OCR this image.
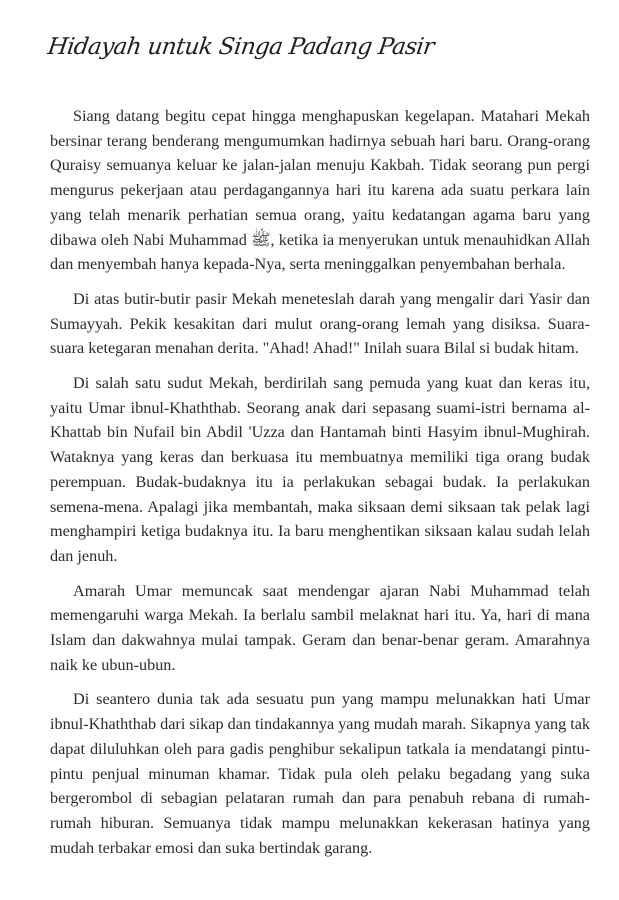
Hidayah untuk Singa Padang Pasir

Siang datang begitu cepat hingga menghapuskan kegelapan. Matahari Mekah bersinar terang benderang mengumumkan hadirnya sebuah hari baru. Orang-orang Quraisy semuanya keluar ke jalan-jalan menuju Kakbah. Tidak seorang pun pergi mengurus pekerjaan atau perdagangannya hari itu karena ada suatu perkara lain yang telah menarik perhatian semua orang, yaitu kedatangan agama baru yang dibawa oleh Nabi Muhammad ﷺ, ketika ia menyerukan untuk menauhidkan Allah dan menyembah hanya kepada-Nya, serta meninggalkan penyembahan berhala.

Di atas butir-butir pasir Mekah meneteslah darah yang mengalir dari Yasir dan Sumayyah. Pekik kesakitan dari mulut orang-orang lemah yang disiksa. Suara-suara ketegaran menahan derita. "Ahad! Ahad!" Inilah suara Bilal si budak hitam.

Di salah satu sudut Mekah, berdirilah sang pemuda yang kuat dan keras itu, yaitu Umar ibnul-Khaththab. Seorang anak dari sepasang suami-istri bernama al-Khattab bin Nufail bin Abdil 'Uzza dan Hantamah binti Hasyim ibnul-Mughirah. Wataknya yang keras dan berkuasa itu membuatnya memiliki tiga orang budak perempuan. Budak-budaknya itu ia perlakukan sebagai budak. Ia perlakukan semena-mena. Apalagi jika membantah, maka siksaan demi siksaan tak pelak lagi menghampiri ketiga budaknya itu. Ia baru menghentikan siksaan kalau sudah lelah dan jenuh.

Amarah Umar memuncak saat mendengar ajaran Nabi Muhammad telah memengaruhi warga Mekah. Ia berlalu sambil melaknat hari itu. Ya, hari di mana Islam dan dakwahnya mulai tampak. Geram dan benar-benar geram. Amarahnya naik ke ubun-ubun.

Di seantero dunia tak ada sesuatu pun yang mampu melunakkan hati Umar ibnul-Khaththab dari sikap dan tindakannya yang mudah marah. Sikapnya yang tak dapat diluluhkan oleh para gadis penghibur sekalipun tatkala ia mendatangi pintu-pintu penjual minuman khamar. Tidak pula oleh pelaku begadang yang suka bergerombol di sebagian pelataran rumah dan para penabuh rebana di rumah-rumah hiburan. Semuanya tidak mampu melunakkan kekerasan hatinya yang mudah terbakar emosi dan suka bertindak garang.
